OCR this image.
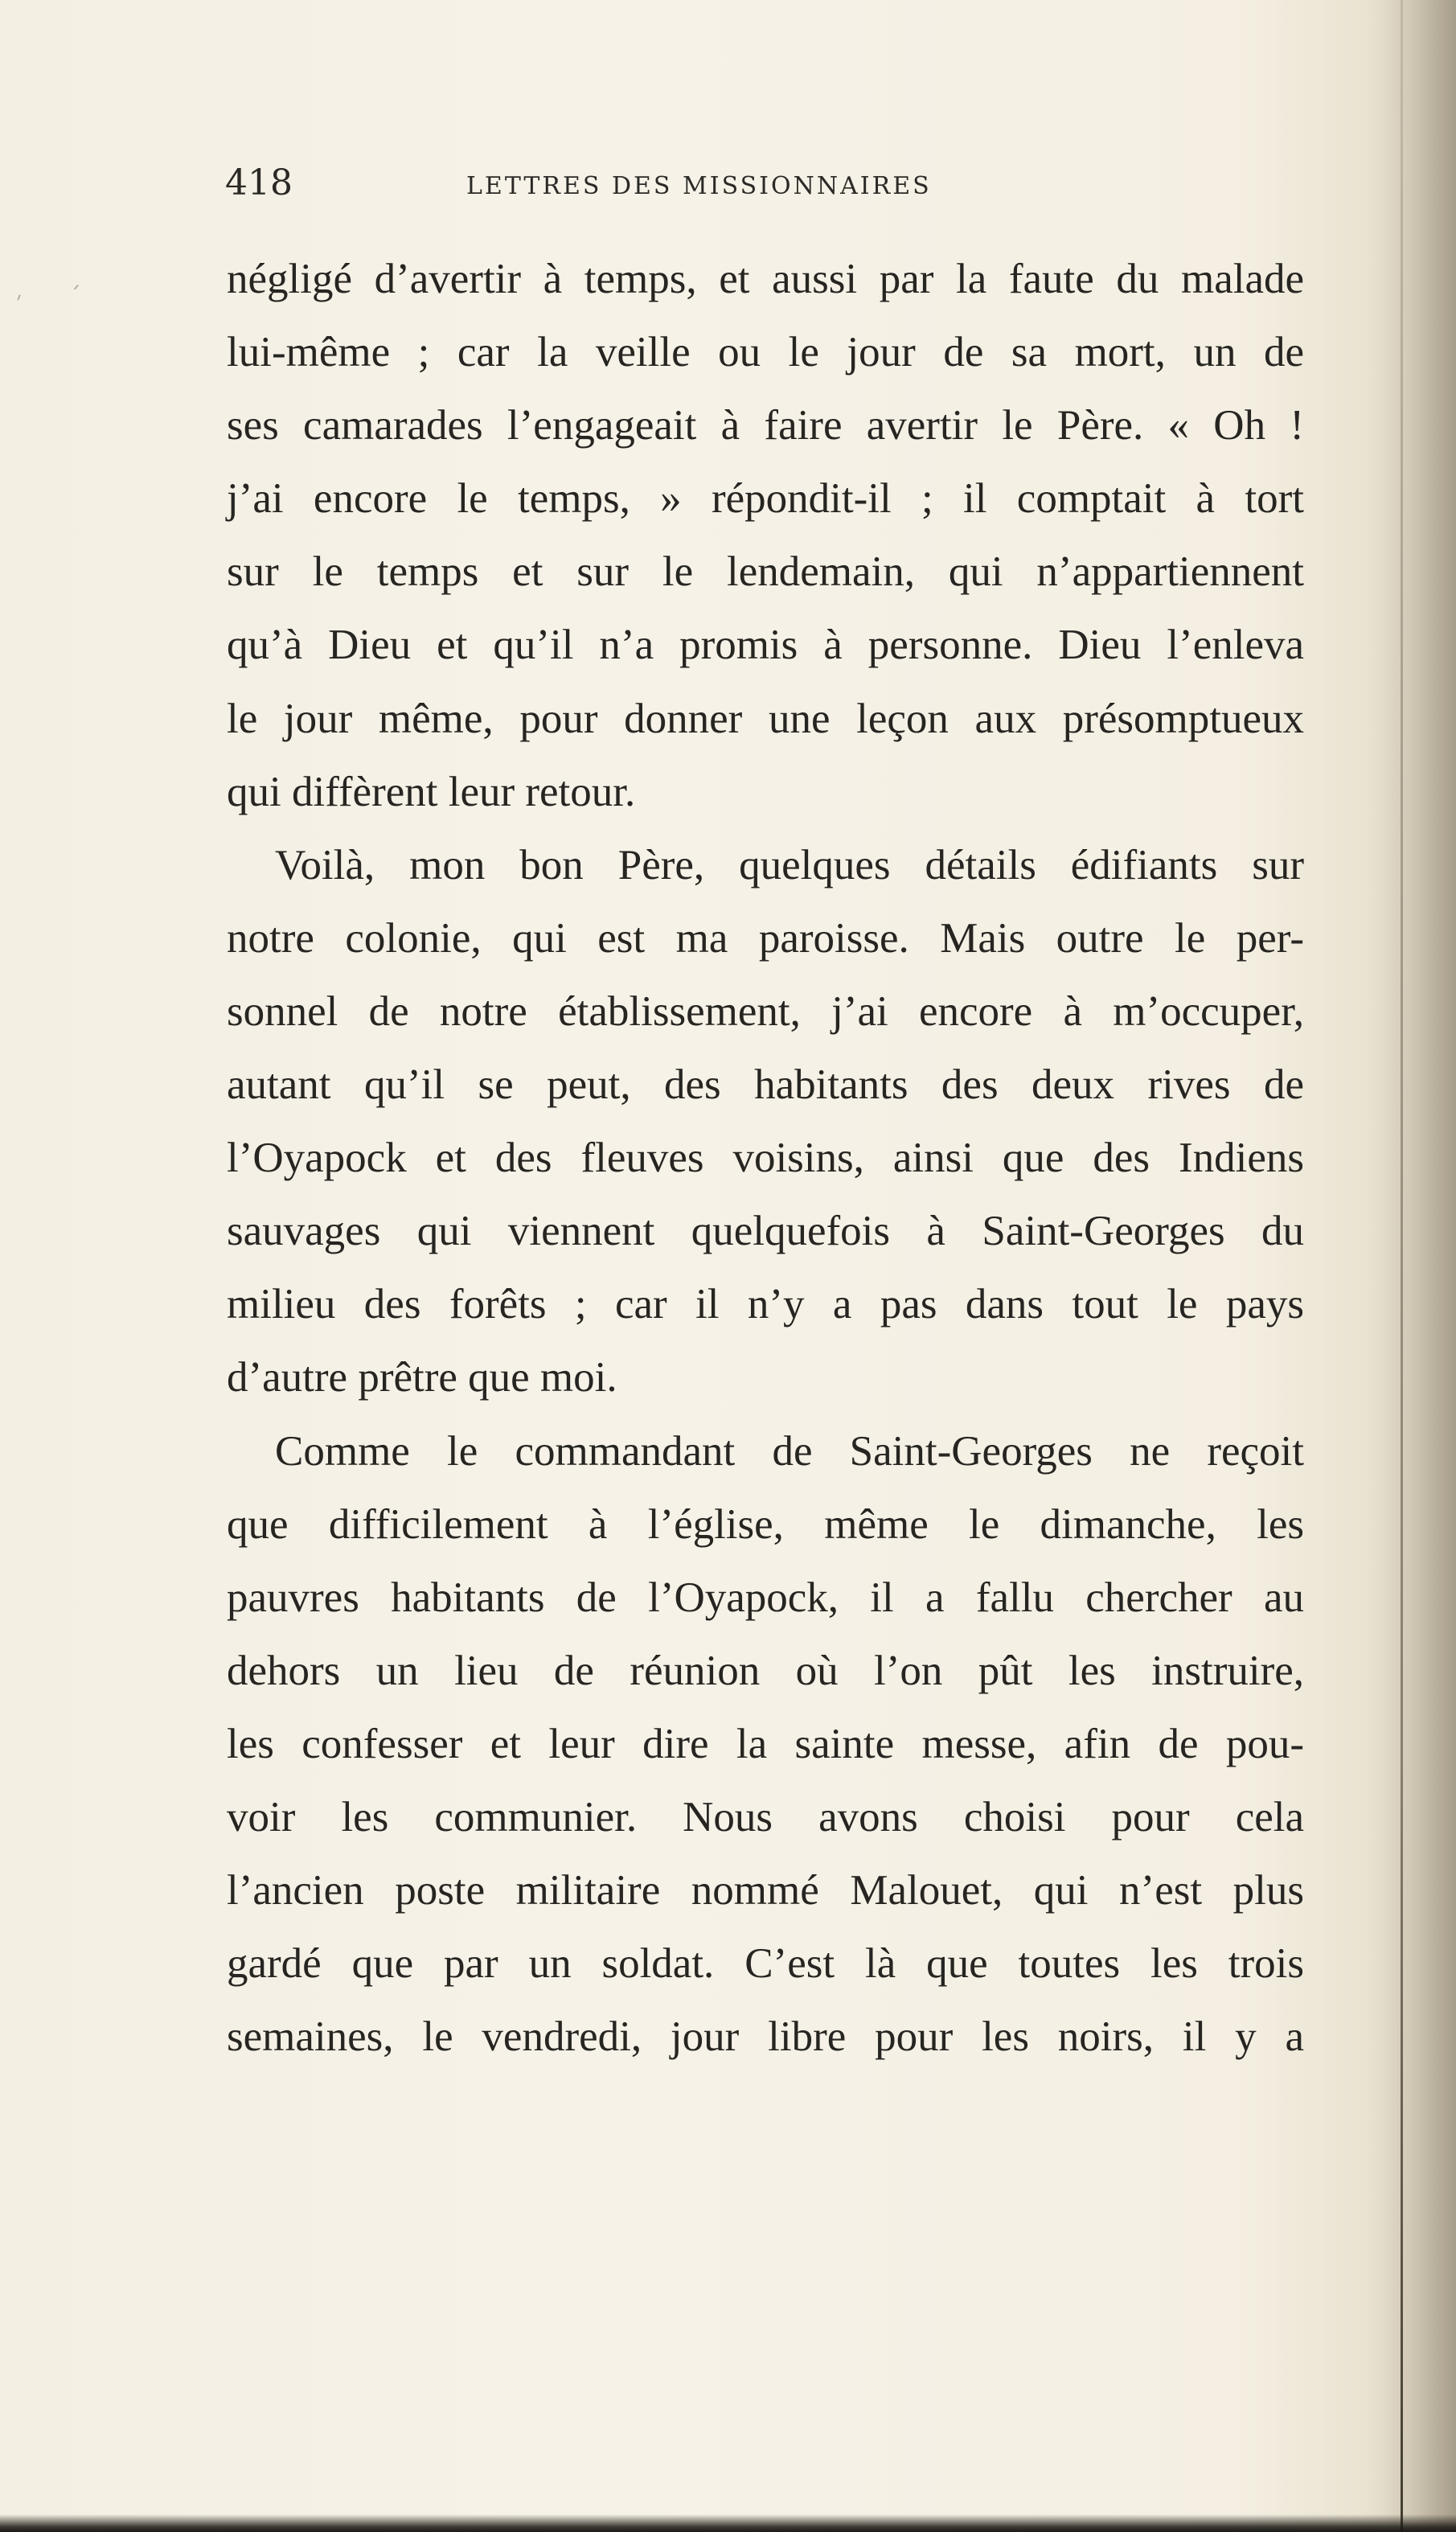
ˏ ˏ
418	LETTRES DES MISSIONNAIRES
négligé d’avertir à temps, et aussi par la faute du malade
lui-même ; car la veille ou le jour de sa mort, un de
ses camarades l’engageait à faire avertir le Père. « Oh !
j’ai encore le temps, » répondit-il ; il comptait à tort
sur le temps et sur le lendemain, qui n’appartiennent
qu’à Dieu et qu’il n’a promis à personne. Dieu l’enleva
le jour même, pour donner une leçon aux présomptueux
qui diffèrent leur retour.
Voilà, mon bon Père, quelques détails édifiants sur
notre colonie, qui est ma paroisse. Mais outre le per-
sonnel de notre établissement, j’ai encore à m’occuper,
autant qu’il se peut, des habitants des deux rives de
l’Oyapock et des fleuves voisins, ainsi que des Indiens
sauvages qui viennent quelquefois à Saint-Georges du
milieu des forêts ; car il n’y a pas dans tout le pays
d’autre prêtre que moi.
Comme le commandant de Saint-Georges ne reçoit
que difficilement à l’église, même le dimanche, les
pauvres habitants de l’Oyapock, il a fallu chercher au
dehors un lieu de réunion où l’on pût les instruire,
les confesser et leur dire la sainte messe, afin de pou-
voir les communier. Nous avons choisi pour cela
l’ancien poste militaire nommé Malouet, qui n’est plus
gardé que par un soldat. C’est là que toutes les trois
semaines, le vendredi, jour libre pour les noirs, il y a
